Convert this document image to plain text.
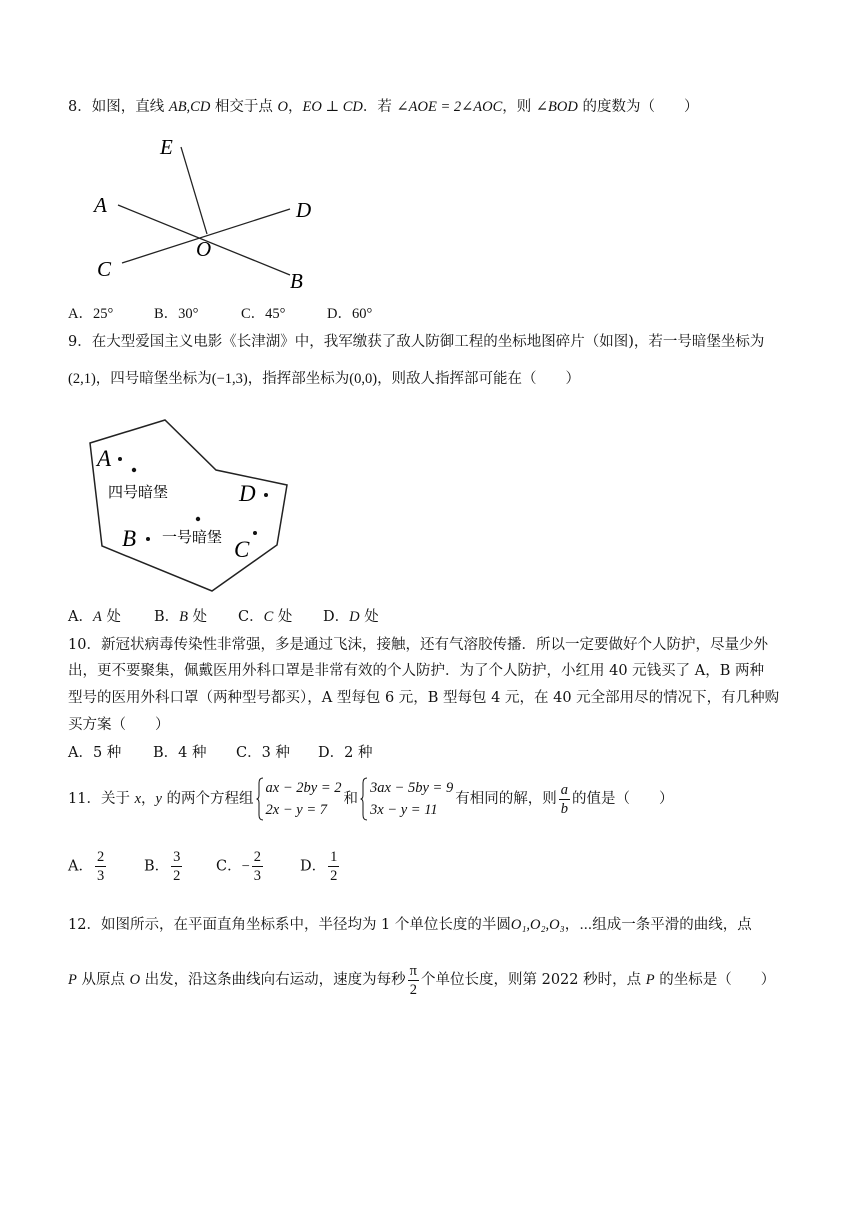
8．如图，直线 AB,CD 相交于点 O，EO ⊥ CD．若 ∠AOE = 2∠AOC，则 ∠BOD 的度数为（　　）
E
A	D
O
C	B
A．25°	B．30°	C．45°	D．60°
9．在大型爱国主义电影《长津湖》中，我军缴获了敌人防御工程的坐标地图碎片（如图)，若一号暗堡坐标为
(2,1)，四号暗堡坐标为(−1,3)，指挥部坐标为(0,0)，则敌人指挥部可能在（　　）
A
四号暗堡	D
B 一号暗堡 C
A．A 处 B．B 处 C．C 处 D．D 处
10．新冠状病毒传染性非常强，多是通过飞沫，接触，还有气溶胶传播．所以一定要做好个人防护，尽量少外
出，更不要聚集，佩戴医用外科口罩是非常有效的个人防护．为了个人防护，小红用 40 元钱买了 A，B 两种
型号的医用外科口罩（两种型号都买），A 型每包 6 元，B 型每包 4 元，在 40 元全部用尽的情况下，有几种购
买方案（　　）
A．5 种 B．4 种 C．3 种 D．2 种
11．关于 x，y 的两个方程组
ax − 2by = 2
2x − y = 7
和
3ax − 5by = 9
3x − y = 11
有相同的解，则 $\frac{a}{b}$ 的值是（　　）
A． $\frac{2}{3}$	B． $\frac{3}{2}$ C．− $\frac{2}{3}$	D． $\frac{1}{2}$
12．如图所示，在平面直角坐标系中，半径均为 1 个单位长度的半圆O₁,O₂,O₃，⋯组成一条平滑的曲线，点
P 从原点 O 出发，沿这条曲线向右运动，速度为每秒 $\frac{\pi}{2}$ 个单位长度，则第 2022 秒时，点 P 的坐标是（　　）
